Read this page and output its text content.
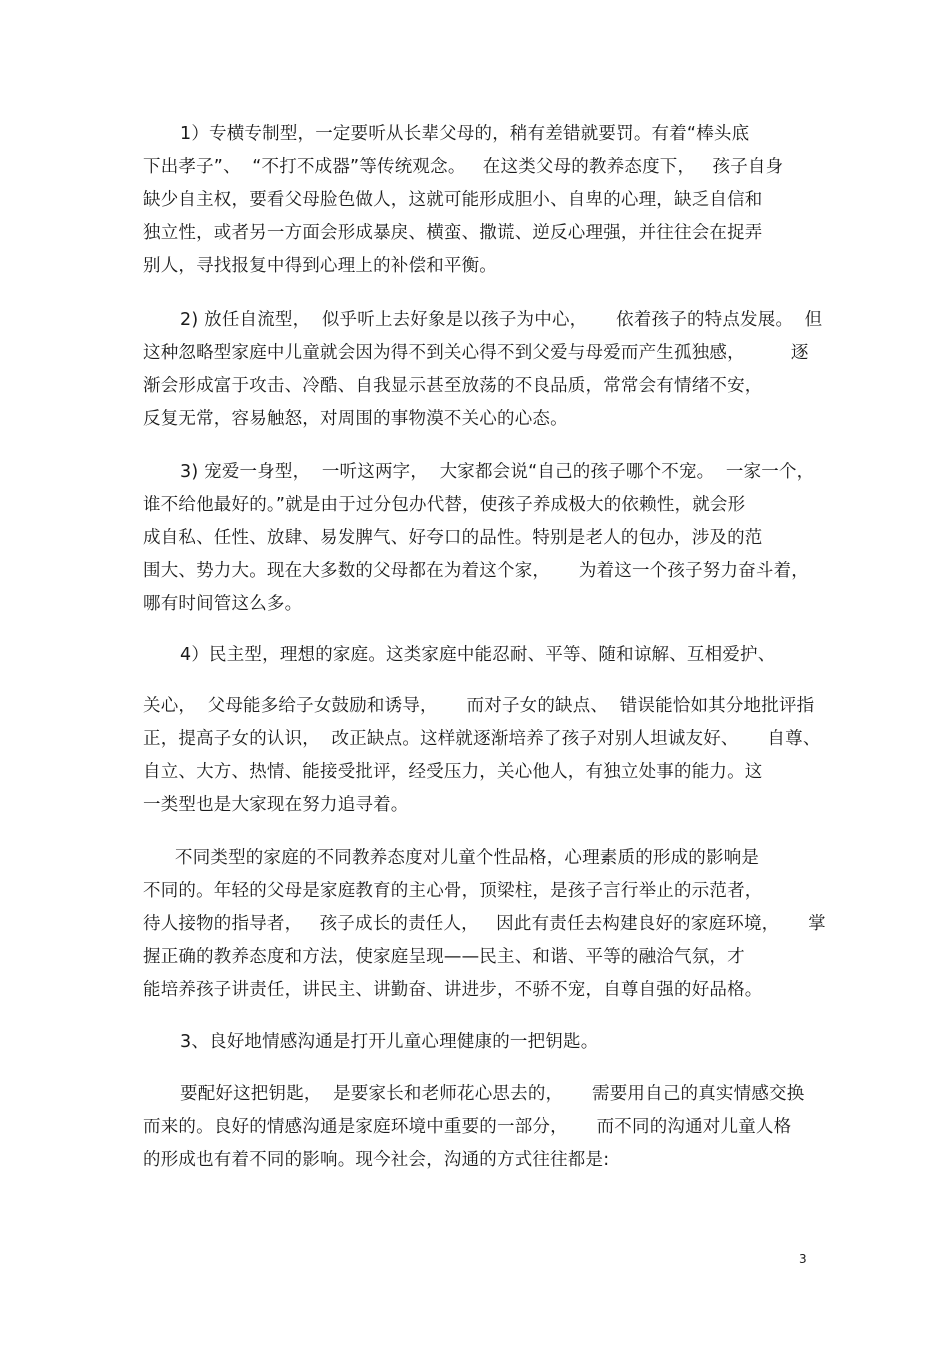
1）专横专制型，一定要听从长辈父母的，稍有差错就要罚。有着“棒头底
下出孝子”、  “不打不成器”等传统观念。   在这类父母的教养态度下，   孩子自身
缺少自主权，要看父母脸色做人，这就可能形成胆小、自卑的心理，缺乏自信和
独立性，或者另一方面会形成暴戾、横蛮、撒谎、逆反心理强，并往往会在捉弄
别人，寻找报复中得到心理上的补偿和平衡。
2) 放任自流型，  似乎听上去好象是以孩子为中心，     依着孩子的特点发展。  但
这种忽略型家庭中儿童就会因为得不到关心得不到父爱与母爱而产生孤独感，        逐
渐会形成富于攻击、冷酷、自我显示甚至放荡的不良品质，常常会有情绪不安，
反复无常，容易触怒，对周围的事物漠不关心的心态。
3) 宠爱一身型，  一听这两字，  大家都会说“自己的孩子哪个不宠。  一家一个，
谁不给他最好的。”就是由于过分包办代替，使孩子养成极大的依赖性，就会形
成自私、任性、放肆、易发脾气、好夸口的品性。特别是老人的包办，涉及的范
围大、势力大。现在大多数的父母都在为着这个家，     为着这一个孩子努力奋斗着，
哪有时间管这么多。
4）民主型，理想的家庭。这类家庭中能忍耐、平等、随和谅解、互相爱护、
关心，  父母能多给子女鼓励和诱导，     而对子女的缺点、  错误能恰如其分地批评指
正，提高子女的认识，  改正缺点。这样就逐渐培养了孩子对别人坦诚友好、     自尊、
自立、大方、热情、能接受批评，经受压力，关心他人，有独立处事的能力。这
一类型也是大家现在努力追寻着。
不同类型的家庭的不同教养态度对儿童个性品格，心理素质的形成的影响是
不同的。年轻的父母是家庭教育的主心骨，顶梁柱，是孩子言行举止的示范者，
待人接物的指导者，   孩子成长的责任人，   因此有责任去构建良好的家庭环境，     掌
握正确的教养态度和方法，使家庭呈现——民主、和谐、平等的融洽气氛，才
能培养孩子讲责任，讲民主、讲勤奋、讲进步，不骄不宠，自尊自强的好品格。
3、良好地情感沟通是打开儿童心理健康的一把钥匙。
要配好这把钥匙，  是要家长和老师花心思去的，     需要用自己的真实情感交换
而来的。良好的情感沟通是家庭环境中重要的一部分，     而不同的沟通对儿童人格
的形成也有着不同的影响。现今社会，沟通的方式往往都是:
3
